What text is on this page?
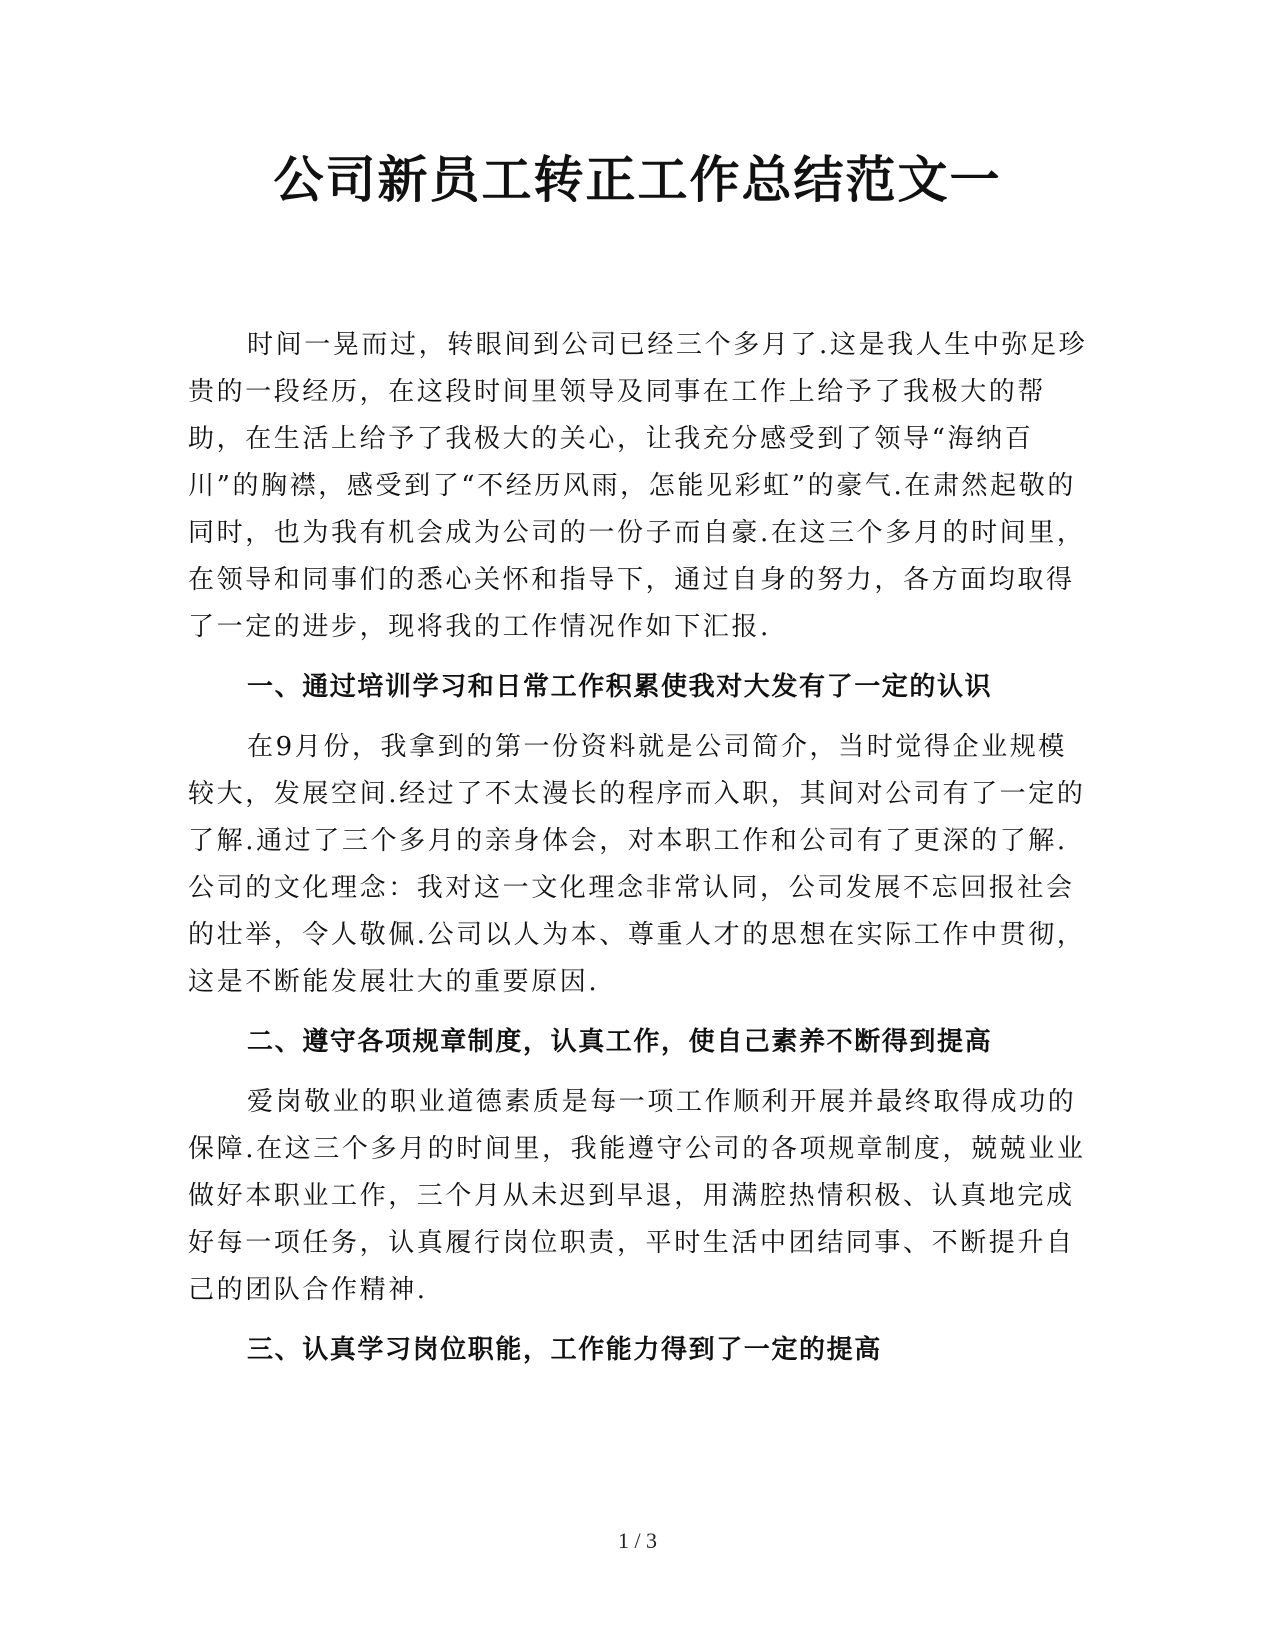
公司新员工转正工作总结范文一

时间一晃而过，转眼间到公司已经三个多月了.这是我人生中弥足珍贵的一段经历，在这段时间里领导及同事在工作上给予了我极大的帮助，在生活上给予了我极大的关心，让我充分感受到了领导“海纳百川”的胸襟，感受到了“不经历风雨，怎能见彩虹”的豪气.在肃然起敬的同时，也为我有机会成为公司的一份子而自豪.在这三个多月的时间里，在领导和同事们的悉心关怀和指导下，通过自身的努力，各方面均取得了一定的进步，现将我的工作情况作如下汇报.

一、通过培训学习和日常工作积累使我对大发有了一定的认识

在9月份，我拿到的第一份资料就是公司简介，当时觉得企业规模较大，发展空间.经过了不太漫长的程序而入职，其间对公司有了一定的了解.通过了三个多月的亲身体会，对本职工作和公司有了更深的了解.公司的文化理念：我对这一文化理念非常认同，公司发展不忘回报社会的壮举，令人敬佩.公司以人为本、尊重人才的思想在实际工作中贯彻，这是不断能发展壮大的重要原因.

二、遵守各项规章制度，认真工作，使自己素养不断得到提高

爱岗敬业的职业道德素质是每一项工作顺利开展并最终取得成功的保障.在这三个多月的时间里，我能遵守公司的各项规章制度，兢兢业业做好本职业工作，三个月从未迟到早退，用满腔热情积极、认真地完成好每一项任务，认真履行岗位职责，平时生活中团结同事、不断提升自己的团队合作精神.

三、认真学习岗位职能，工作能力得到了一定的提高

1 / 3
